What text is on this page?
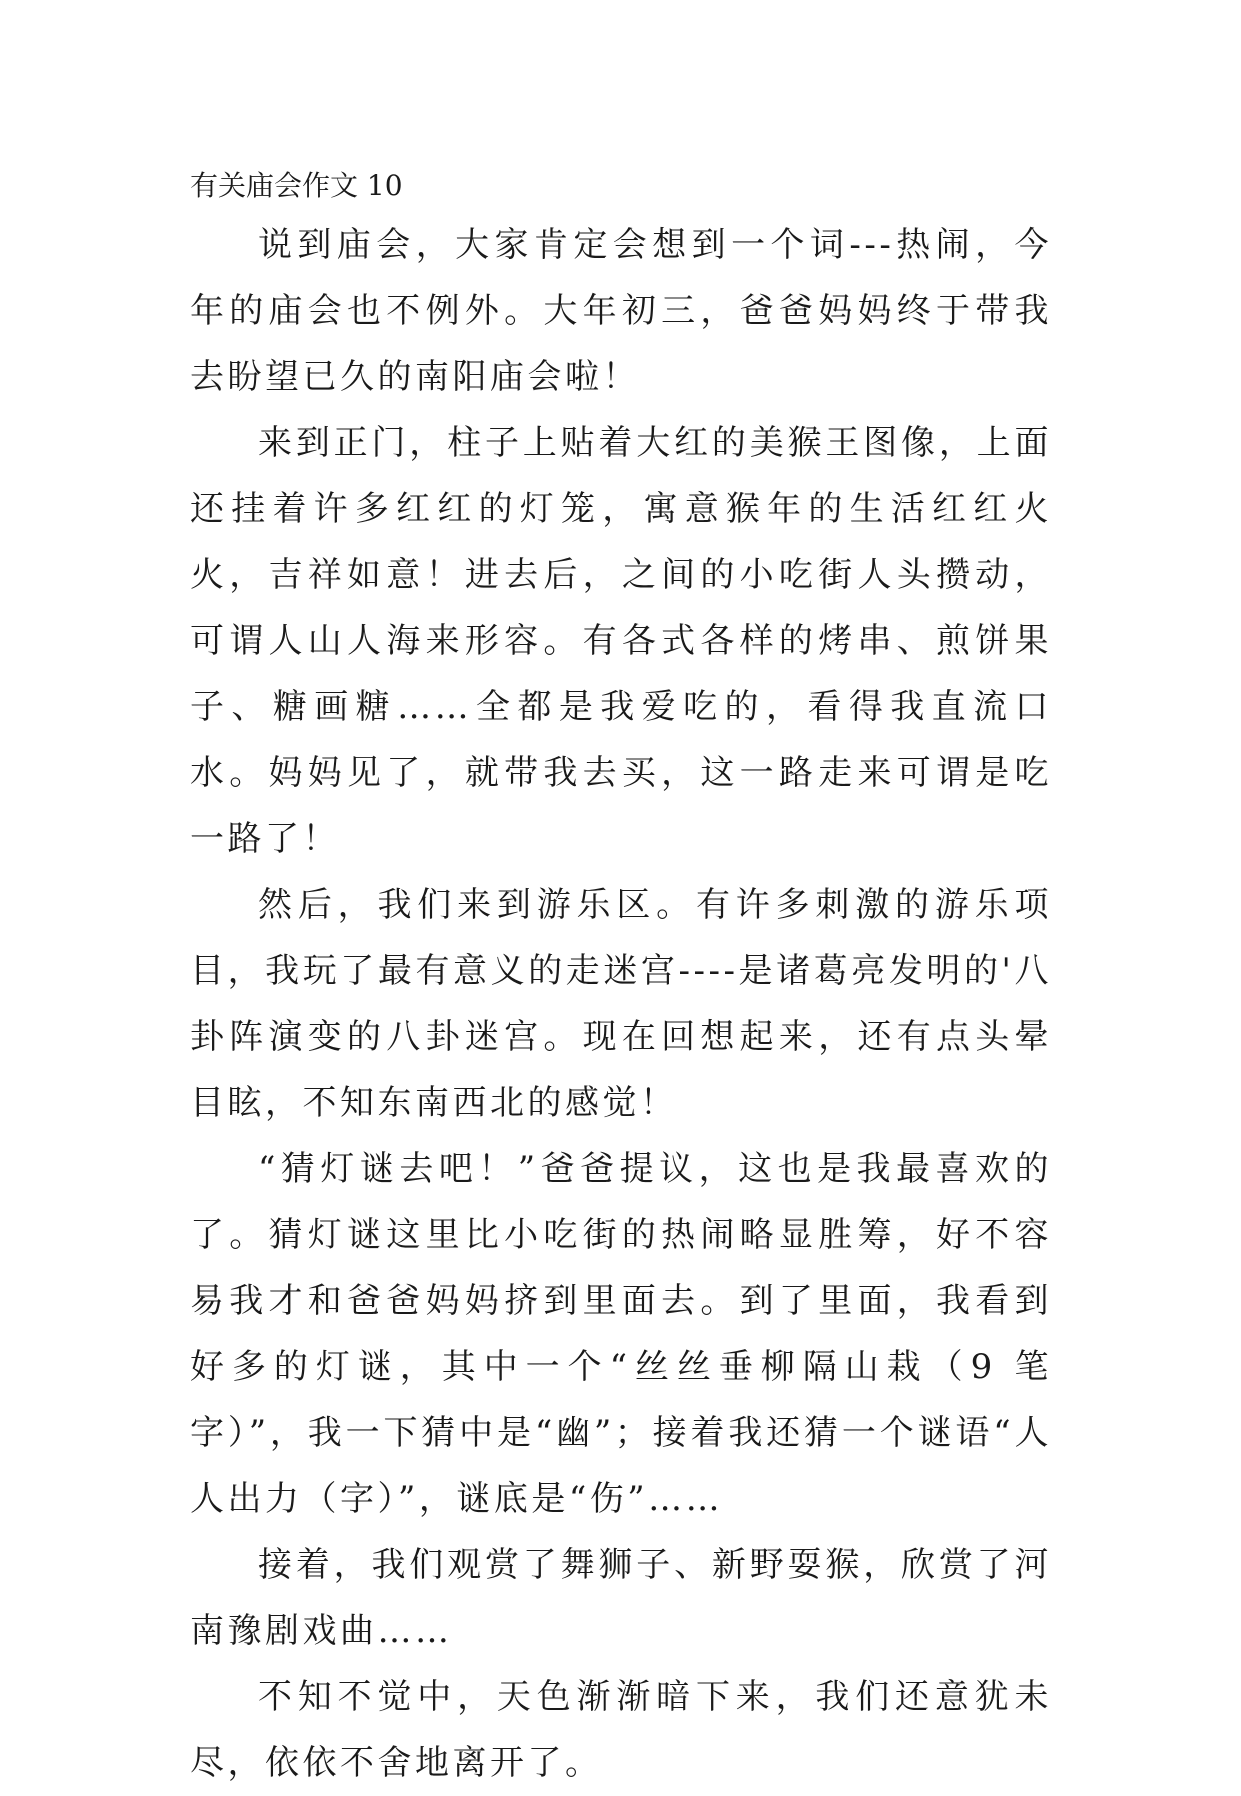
有关庙会作文 10

说到庙会，大家肯定会想到一个词---热闹，今年的庙会也不例外。大年初三，爸爸妈妈终于带我去盼望已久的南阳庙会啦！

来到正门，柱子上贴着大红的美猴王图像，上面还挂着许多红红的灯笼，寓意猴年的生活红红火火，吉祥如意！进去后，之间的小吃街人头攒动，可谓人山人海来形容。有各式各样的烤串、煎饼果子、糖画糖……全都是我爱吃的，看得我直流口水。妈妈见了，就带我去买，这一路走来可谓是吃一路了！

然后，我们来到游乐区。有许多刺激的游乐项目，我玩了最有意义的走迷宫----是诸葛亮发明的'八卦阵演变的八卦迷宫。现在回想起来，还有点头晕目眩，不知东南西北的感觉！

“猜灯谜去吧！”爸爸提议，这也是我最喜欢的了。猜灯谜这里比小吃街的热闹略显胜筹，好不容易我才和爸爸妈妈挤到里面去。到了里面，我看到好多的灯谜，其中一个“丝丝垂柳隔山栽（9 笔字）”，我一下猜中是“幽”；接着我还猜一个谜语“人人出力（字）”，谜底是“伤”……

接着，我们观赏了舞狮子、新野耍猴，欣赏了河南豫剧戏曲……

不知不觉中，天色渐渐暗下来，我们还意犹未尽，依依不舍地离开了。
